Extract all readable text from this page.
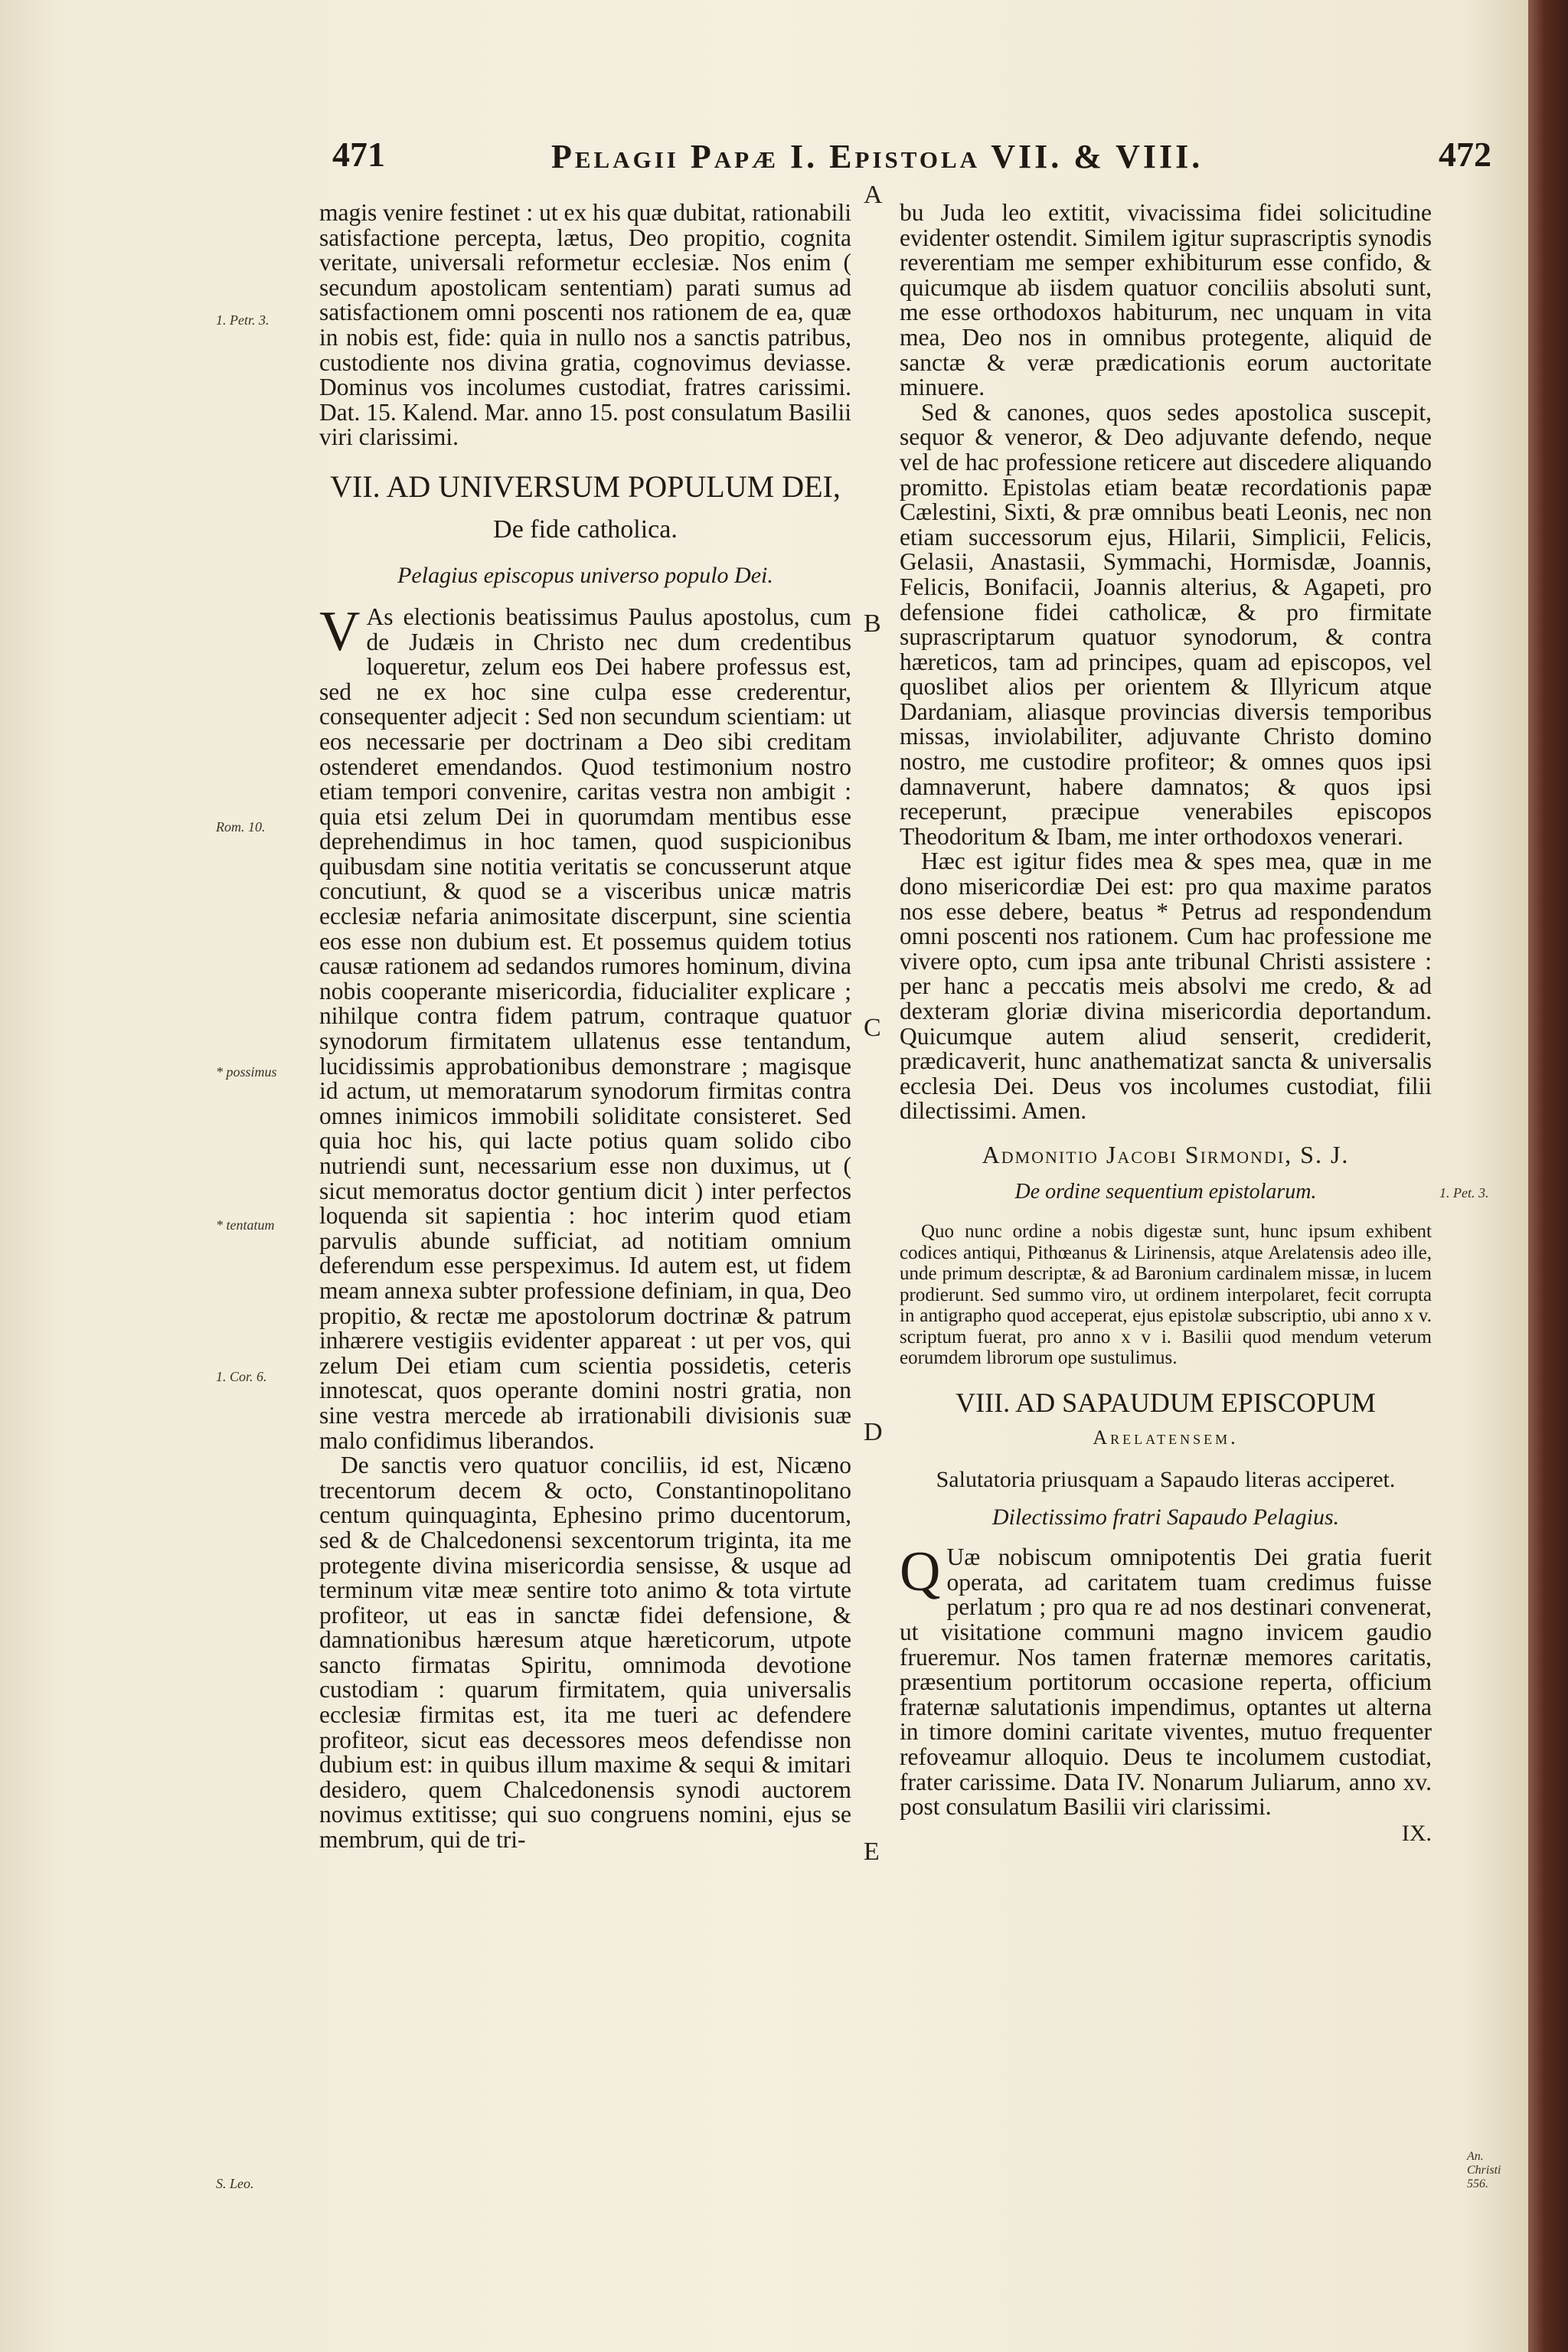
471	Pelagii Papæ I. Epistola VII. & VIII.	472
1. Petr. 3.
Rom. 10.
* possimus
* tentatum
1. Cor. 6.
S. Leo.
1. Pet. 3.
An. Christi 556.
A
B
C
D
E

magis venire festinet : ut ex his quæ dubitat, rationabili satisfactione percepta, lætus, Deo propitio, cognita veritate, universali reformetur ecclesiæ. Nos enim ( secundum apostolicam sententiam) parati sumus ad satisfactionem omni poscenti nos rationem de ea, quæ in nobis est, fide: quia in nullo nos a sanctis patribus, custodiente nos divina gratia, cognovimus deviasse. Dominus vos incolumes custodiat, fratres carissimi. Dat. 15. Kalend. Mar. anno 15. post consulatum Basilii viri clarissimi.

VII. AD UNIVERSUM POPULUM DEI,
De fide catholica.
Pelagius episcopus universo populo Dei.

V As electionis beatissimus Paulus apostolus, cum de Judæis in Christo nec dum credentibus loqueretur, zelum eos Dei habere professus est, sed ne ex hoc sine culpa esse crederentur, consequenter adjecit : Sed non secundum scientiam: ut eos necessarie per doctrinam a Deo sibi creditam ostenderet emendandos. Quod testimonium nostro etiam tempori convenire, caritas vestra non ambigit : quia etsi zelum Dei in quorumdam mentibus esse deprehendimus in hoc tamen, quod suspicionibus quibusdam sine notitia veritatis se concusserunt atque concutiunt, & quod se a visceribus unicæ matris ecclesiæ nefaria animositate discerpunt, sine scientia eos esse non dubium est. Et possemus quidem totius causæ rationem ad sedandos rumores hominum, divina nobis cooperante misericordia, fiducialiter explicare ; nihilque contra fidem patrum, contraque quatuor synodorum firmitatem ullatenus esse tentandum, lucidissimis approbationibus demonstrare ; magisque id actum, ut memoratarum synodorum firmitas contra omnes inimicos immobili soliditate consisteret. Sed quia hoc his, qui lacte potius quam solido cibo nutriendi sunt, necessarium esse non duximus, ut ( sicut memoratus doctor gentium dicit ) inter perfectos loquenda sit sapientia : hoc interim quod etiam parvulis abunde sufficiat, ad notitiam omnium deferendum esse perspeximus. Id autem est, ut fidem meam annexa subter professione definiam, in qua, Deo propitio, & rectæ me apostolorum doctrinæ & patrum inhærere vestigiis evidenter appareat : ut per vos, qui zelum Dei etiam cum scientia possidetis, ceteris innotescat, quos operante domini nostri gratia, non sine vestra mercede ab irrationabili divisionis suæ malo confidimus liberandos.

De sanctis vero quatuor conciliis, id est, Nicæno trecentorum decem & octo, Constantinopolitano centum quinquaginta, Ephesino primo ducentorum, sed & de Chalcedonensi sexcentorum triginta, ita me protegente divina misericordia sensisse, & usque ad terminum vitæ meæ sentire toto animo & tota virtute profiteor, ut eas in sanctæ fidei defensione, & damnationibus hæresum atque hæreticorum, utpote sancto firmatas Spiritu, omnimoda devotione custodiam : quarum firmitatem, quia universalis ecclesiæ firmitas est, ita me tueri ac defendere profiteor, sicut eas decessores meos defendisse non dubium est: in quibus illum maxime & sequi & imitari desidero, quem Chalcedonensis synodi auctorem novimus extitisse; qui suo congruens nomini, ejus se membrum, qui de tri-

bu Juda leo extitit, vivacissima fidei solicitudine evidenter ostendit. Similem igitur suprascriptis synodis reverentiam me semper exhibiturum esse confido, & quicumque ab iisdem quatuor conciliis absoluti sunt, me esse orthodoxos habiturum, nec unquam in vita mea, Deo nos in omnibus protegente, aliquid de sanctæ & veræ prædicationis eorum auctoritate minuere.

Sed & canones, quos sedes apostolica suscepit, sequor & veneror, & Deo adjuvante defendo, neque vel de hac professione reticere aut discedere aliquando promitto. Epistolas etiam beatæ recordationis papæ Cælestini, Sixti, & præ omnibus beati Leonis, nec non etiam successorum ejus, Hilarii, Simplicii, Felicis, Gelasii, Anastasii, Symmachi, Hormisdæ, Joannis, Felicis, Bonifacii, Joannis alterius, & Agapeti, pro defensione fidei catholicæ, & pro firmitate suprascriptarum quatuor synodorum, & contra hæreticos, tam ad principes, quam ad episcopos, vel quoslibet alios per orientem & Illyricum atque Dardaniam, aliasque provincias diversis temporibus missas, inviolabiliter, adjuvante Christo domino nostro, me custodire profiteor; & omnes quos ipsi damnaverunt, habere damnatos; & quos ipsi receperunt, præcipue venerabiles episcopos Theodoritum & Ibam, me inter orthodoxos venerari.

Hæc est igitur fides mea & spes mea, quæ in me dono misericordiæ Dei est: pro qua maxime paratos nos esse debere, beatus * Petrus ad respondendum omni poscenti nos rationem. Cum hac professione me vivere opto, cum ipsa ante tribunal Christi assistere : per hanc a peccatis meis absolvi me credo, & ad dexteram gloriæ divina misericordia deportandum. Quicumque autem aliud senserit, crediderit, prædicaverit, hunc anathematizat sancta & universalis ecclesia Dei. Deus vos incolumes custodiat, filii dilectissimi. Amen.

Admonitio Jacobi Sirmondi, S. J.
De ordine sequentium epistolarum.

Quo nunc ordine a nobis digestæ sunt, hunc ipsum exhibent codices antiqui, Pithœanus & Lirinensis, atque Arelatensis adeo ille, unde primum descriptæ, & ad Baronium cardinalem missæ, in lucem prodierunt. Sed summo viro, ut ordinem interpolaret, fecit corrupta in antigrapho quod acceperat, ejus epistolæ subscriptio, ubi anno x v. scriptum fuerat, pro anno x v i. Basilii quod mendum veterum eorumdem librorum ope sustulimus.

VIII. AD SAPAUDUM EPISCOPUM
Arelatensem.
Salutatoria priusquam a Sapaudo literas acciperet.
Dilectissimo fratri Sapaudo Pelagius.

Q Uæ nobiscum omnipotentis Dei gratia fuerit operata, ad caritatem tuam credimus fuisse perlatum ; pro qua re ad nos destinari convenerat, ut visitatione communi magno invicem gaudio frueremur. Nos tamen fraternæ memores caritatis, præsentium portitorum occasione reperta, officium fraternæ salutationis impendimus, optantes ut alterna in timore domini caritate viventes, mutuo frequenter refoveamur alloquio. Deus te incolumem custodiat, frater carissime. Data IV. Nonarum Juliarum, anno xv. post consulatum Basilii viri clarissimi.

IX.
